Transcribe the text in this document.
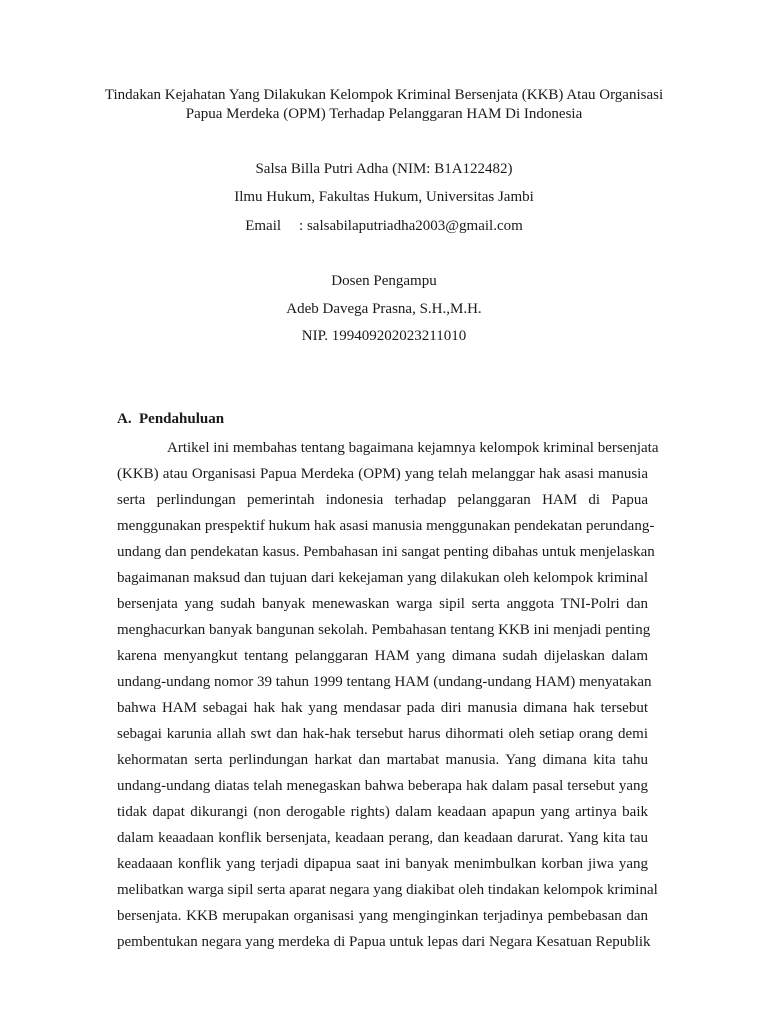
Tindakan Kejahatan Yang Dilakukan Kelompok Kriminal Bersenjata (KKB) Atau Organisasi
Papua Merdeka (OPM) Terhadap Pelanggaran HAM Di Indonesia
Salsa Billa Putri Adha (NIM: B1A122482)
Ilmu Hukum, Fakultas Hukum, Universitas Jambi
Email : salsabilaputriadha2003@gmail.com
Dosen Pengampu
Adeb Davega Prasna, S.H.,M.H.
NIP. 199409202023211010
A. Pendahuluan
Artikel ini membahas tentang bagaimana kejamnya kelompok kriminal bersenjata
(KKB) atau Organisasi Papua Merdeka (OPM) yang telah melanggar hak asasi manusia
serta perlindungan pemerintah indonesia terhadap pelanggaran HAM di Papua
menggunakan prespektif hukum hak asasi manusia menggunakan pendekatan perundang-
undang dan pendekatan kasus. Pembahasan ini sangat penting dibahas untuk menjelaskan
bagaimanan maksud dan tujuan dari kekejaman yang dilakukan oleh kelompok kriminal
bersenjata yang sudah banyak menewaskan warga sipil serta anggota TNI-Polri dan
menghacurkan banyak bangunan sekolah. Pembahasan tentang KKB ini menjadi penting
karena menyangkut tentang pelanggaran HAM yang dimana sudah dijelaskan dalam
undang-undang nomor 39 tahun 1999 tentang HAM (undang-undang HAM) menyatakan
bahwa HAM sebagai hak hak yang mendasar pada diri manusia dimana hak tersebut
sebagai karunia allah swt dan hak-hak tersebut harus dihormati oleh setiap orang demi
kehormatan serta perlindungan harkat dan martabat manusia. Yang dimana kita tahu
undang-undang diatas telah menegaskan bahwa beberapa hak dalam pasal tersebut yang
tidak dapat dikurangi (non derogable rights) dalam keadaan apapun yang artinya baik
dalam keaadaan konflik bersenjata, keadaan perang, dan keadaan darurat. Yang kita tau
keadaaan konflik yang terjadi dipapua saat ini banyak menimbulkan korban jiwa yang
melibatkan warga sipil serta aparat negara yang diakibat oleh tindakan kelompok kriminal
bersenjata. KKB merupakan organisasi yang menginginkan terjadinya pembebasan dan
pembentukan negara yang merdeka di Papua untuk lepas dari Negara Kesatuan Republik
